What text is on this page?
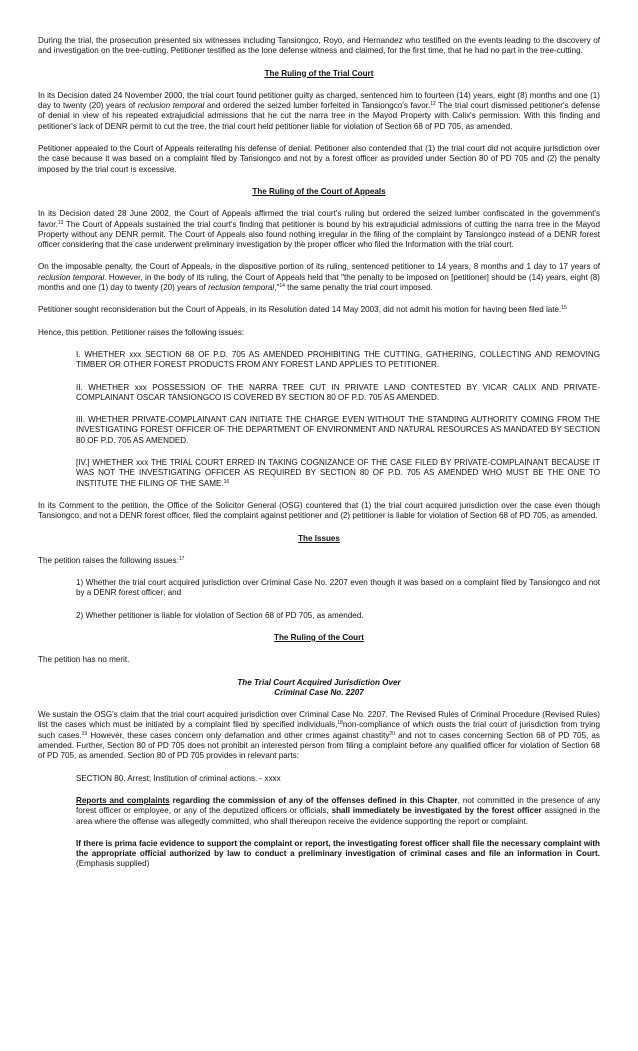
During the trial, the prosecution presented six witnesses including Tansiongco, Royo, and Hernandez who testified on the events leading to the discovery of and investigation on the tree-cutting. Petitioner testified as the lone defense witness and claimed, for the first time, that he had no part in the tree-cutting.

The Ruling of the Trial Court

In its Decision dated 24 November 2000, the trial court found petitioner guilty as charged, sentenced him to fourteen (14) years, eight (8) months and one (1) day to twenty (20) years of reclusion temporal and ordered the seized lumber forfeited in Tansiongco's favor.$^{12}$ The trial court dismissed petitioner's defense of denial in view of his repeated extrajudicial admissions that he cut the narra tree in the Mayod Property with Calix's permission. With this finding and petitioner's lack of DENR permit to cut the tree, the trial court held petitioner liable for violation of Section 68 of PD 705, as amended.

Petitioner appealed to the Court of Appeals reiterating his defense of denial. Petitioner also contended that (1) the trial court did not acquire jurisdiction over the case because it was based on a complaint filed by Tansiongco and not by a forest officer as provided under Section 80 of PD 705 and (2) the penalty imposed by the trial court is excessive.

The Ruling of the Court of Appeals

In its Decision dated 28 June 2002, the Court of Appeals affirmed the trial court's ruling but ordered the seized lumber confiscated in the government's favor.$^{13}$ The Court of Appeals sustained the trial court's finding that petitioner is bound by his extrajudicial admissions of cutting the narra tree in the Mayod Property without any DENR permit. The Court of Appeals also found nothing irregular in the filing of the complaint by Tansiongco instead of a DENR forest officer considering that the case underwent preliminary investigation by the proper officer who filed the Information with the trial court.

On the imposable penalty, the Court of Appeals, in the dispositive portion of its ruling, sentenced petitioner to 14 years, 8 months and 1 day to 17 years of reclusion temporal. However, in the body of its ruling, the Court of Appeals held that "the penalty to be imposed on [petitioner] should be (14) years, eight (8) months and one (1) day to twenty (20) years of reclusion temporal,"$^{14}$ the same penalty the trial court imposed.

Petitioner sought reconsideration but the Court of Appeals, in its Resolution dated 14 May 2003, did not admit his motion for having been filed late.$^{15}$

Hence, this petition. Petitioner raises the following issues:

I. WHETHER xxx SECTION 68 OF P.D. 705 AS AMENDED PROHIBITING THE CUTTING, GATHERING, COLLECTING AND REMOVING TIMBER OR OTHER FOREST PRODUCTS FROM ANY FOREST LAND APPLIES TO PETITIONER.

II. WHETHER xxx POSSESSION OF THE NARRA TREE CUT IN PRIVATE LAND CONTESTED BY VICAR CALIX AND PRIVATE-COMPLAINANT OSCAR TANSIONGCO IS COVERED BY SECTION 80 OF P.D. 705 AS AMENDED.

III. WHETHER PRIVATE-COMPLAINANT CAN INITIATE THE CHARGE EVEN WITHOUT THE STANDING AUTHORITY COMING FROM THE INVESTIGATING FOREST OFFICER OF THE DEPARTMENT OF ENVIRONMENT AND NATURAL RESOURCES AS MANDATED BY SECTION 80 OF P.D. 705 AS AMENDED.

[IV.] WHETHER xxx THE TRIAL COURT ERRED IN TAKING COGNIZANCE OF THE CASE FILED BY PRIVATE-COMPLAINANT BECAUSE IT WAS NOT THE INVESTIGATING OFFICER AS REQUIRED BY SECTION 80 OF P.D. 705 AS AMENDED WHO MUST BE THE ONE TO INSTITUTE THE FILING OF THE SAME.$^{16}$

In its Comment to the petition, the Office of the Solicitor General (OSG) countered that (1) the trial court acquired jurisdiction over the case even though Tansiongco, and not a DENR forest officer, filed the complaint against petitioner and (2) petitioner is liable for violation of Section 68 of PD 705, as amended.

The Issues

The petition raises the following issues:$^{17}$

1) Whether the trial court acquired jurisdiction over Criminal Case No. 2207 even though it was based on a complaint filed by Tansiongco and not by a DENR forest officer; and

2) Whether petitioner is liable for violation of Section 68 of PD 705, as amended.

The Ruling of the Court

The petition has no merit.

The Trial Court Acquired Jurisdiction Over
Criminal Case No. 2207

We sustain the OSG's claim that the trial court acquired jurisdiction over Criminal Case No. 2207. The Revised Rules of Criminal Procedure (Revised Rules) list the cases which must be initiated by a complaint filed by specified individuals,$^{18}$non-compliance of which ousts the trial court of jurisdiction from trying such cases.$^{19}$ However, these cases concern only defamation and other crimes against chastity$^{20}$ and not to cases concerning Section 68 of PD 705, as amended. Further, Section 80 of PD 705 does not prohibit an interested person from filing a complaint before any qualified officer for violation of Section 68 of PD 705, as amended. Section 80 of PD 705 provides in relevant parts:

SECTION 80. Arrest; Institution of criminal actions. - xxxx

Reports and complaints regarding the commission of any of the offenses defined in this Chapter, not committed in the presence of any forest officer or employee, or any of the deputized officers or officials, shall immediately be investigated by the forest officer assigned in the area where the offense was allegedly committed, who shall thereupon receive the evidence supporting the report or complaint.

If there is prima facie evidence to support the complaint or report, the investigating forest officer shall file the necessary complaint with the appropriate official authorized by law to conduct a preliminary investigation of criminal cases and file an information in Court. (Emphasis supplied)
